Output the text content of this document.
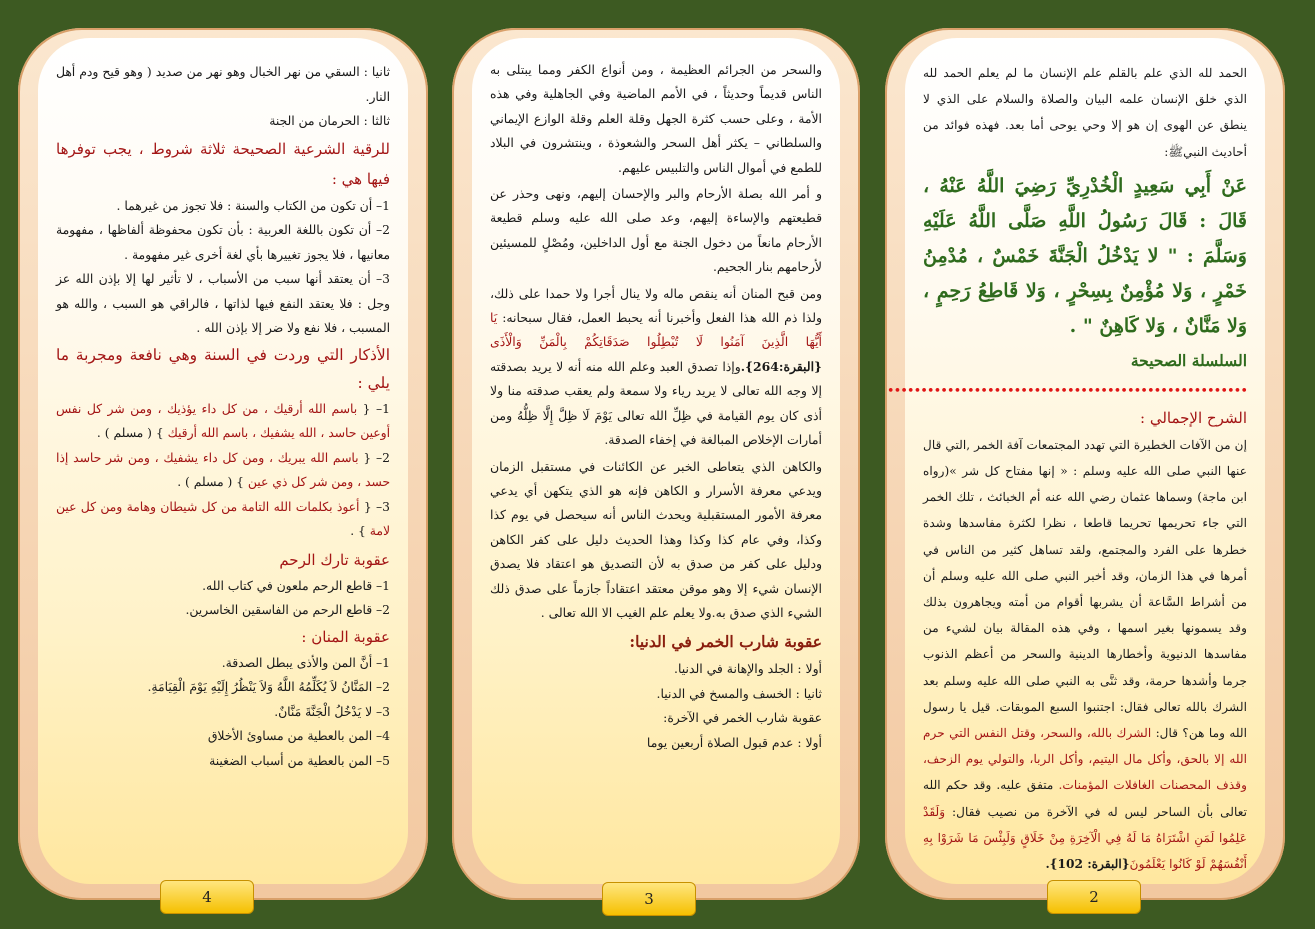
الحمد لله الذي علم بالقلم علم الإنسان ما لم يعلم الحمد لله الذي خلق الإنسان علمه البيان والصلاة والسلام على الذي لا ينطق عن الهوى إن هو إلا وحي يوحى أما بعد. فهذه فوائد من أحاديث النبيﷺ:

عَنْ أَبِي سَعِيدٍ الْخُدْرِيِّ رَضِيَ اللَّهُ عَنْهُ ، قَالَ : قَالَ رَسُولُ اللَّهِ صَلَّى اللَّهُ عَلَيْهِ وَسَلَّمَ : " لا يَدْخُلُ الْجَنَّةَ خَمْسٌ ، مُدْمِنُ خَمْرٍ ، وَلا مُؤْمِنٌ بِسِحْرٍ ، وَلا قَاطِعُ رَحِمٍ ، وَلا مَنَّانٌ ، وَلا كَاهِنٌ " .

السلسلة الصحيحة

••••••••••••••••••••••••••••••••••••••••••••••••••••••

الشرح الإجمالي :

إن من الآفات الخطيرة التي تهدد المجتمعات آفة الخمر ,التي قال عنها النبي صلى الله عليه وسلم : « إنها مفتاح كل شر »(رواه ابن ماجة) وسماها عثمان رضي الله عنه أم الخبائث ، تلك الخمر التي جاء تحريمها تحريما قاطعا ، نظرا لكثرة مفاسدها وشدة خطرها على الفرد والمجتمع، ولقد تساهل كثير من الناس في أمرها في هذا الزمان، وقد أخبر النبي صلى الله عليه وسلم أن من أشراط السَّاعة أن يشربها أقوام من أمته ويجاهرون بذلك وقد يسمونها بغير اسمها ، وفي هذه المقالة بيان لشيء من مفاسدها الدنيوية وأخطارها الدينية والسحر من أعظم الذنوب جرما وأشدها حرمة، وقد ثنَّى به النبي صلى الله عليه وسلم بعد الشرك بالله تعالى فقال: اجتنبوا السبع الموبقات. قيل يا رسول الله وما هن؟ قال: الشرك بالله، والسحر، وقتل النفس التي حرم الله إلا بالحق، وأكل مال اليتيم، وأكل الربا، والتولي يوم الزحف، وقذف المحصنات الغافلات المؤمنات. متفق عليه. وقد حكم الله تعالى بأن الساحر ليس له في الآخرة من نصيب فقال: وَلَقَدْ عَلِمُوا لَمَنِ اشْتَرَاهُ مَا لَهُ فِي الْآخِرَةِ مِنْ خَلَاقٍ وَلَبِئْسَ مَا شَرَوْا بِهِ أَنْفُسَهُمْ لَوْ كَانُوا يَعْلَمُونَ{البقرة: 102}.

2

والسحر من الجرائم العظيمة ، ومن أنواع الكفر ومما يبتلى به الناس قديماً وحديثاً ، في الأمم الماضية وفي الجاهلية وفي هذه الأمة ، وعلى حسب كثرة الجهل وقلة العلم وقلة الوازع الإيماني والسلطاني – يكثر أهل السحر والشعوذة ، وينتشرون في البلاد للطمع في أموال الناس والتلبيس عليهم.

و أمر الله بصلة الأرحام والبر والإحسان إليهم، ونهى وحذر عن قطيعتهم والإساءة إليهم، وعد صلى الله عليه وسلم قطيعة الأرحام مانعاً من دخول الجنة مع أول الداخلين، ومُصْلٍ للمسيئين لأرحامهم بنار الجحيم.

ومن قبح المنان أنه ينقص ماله ولا ينال أجرا ولا حمدا على ذلك، ولذا ذم الله هذا الفعل وأخبرنا أنه يحبط العمل، فقال سبحانه: يَا أَيُّهَا الَّذِينَ آمَنُوا لَا تُبْطِلُوا صَدَقَاتِكُمْ بِالْمَنِّ وَالْأَذَى {البقرة:264}.وإذا تصدق العبد وعلم الله منه أنه لا يريد بصدقته إلا وجه الله تعالى لا يريد رياء ولا سمعة ولم يعقب صدقته منا ولا أذى كان يوم القيامة في ظِلِّ الله تعالى يَوْمَ لَا ظِلَّ إِلَّا ظِلُّهُ ومن أمارات الإخلاص المبالغة في إخفاء الصدقة.

والكاهن الذي يتعاطى الخبر عن الكائنات في مستقبل الزمان ويدعي معرفة الأسرار و الكاهن فإنه هو الذي يتكهن أي يدعي معرفة الأمور المستقبلية ويحدث الناس أنه سيحصل في يوم كذا وكذا، وفي عام كذا وكذا وهذا الحديث دليل على كفر الكاهن ودليل على كفر من صدق به لأن التصديق هو اعتقاد فلا يصدق الإنسان شيء إلا وهو موقن معتقد اعتقاداً جازماً على صدق ذلك الشيء الذي صدق به.ولا يعلم علم الغيب الا الله تعالى .

عقوبة شارب الخمر في الدنيا:

أولا : الجلد والإهانة في الدنيا.

ثانيا : الخسف والمسخ في الدنيا.

عقوبة شارب الخمر في الآخرة:

أولا : عدم قبول الصلاة أربعين يوما

3

ثانيا : السقي من نهر الخبال وهو نهر من صديد ( وهو قيح ودم أهل النار.

ثالثا : الحرمان من الجنة

للرقية الشرعية الصحيحة ثلاثة شروط ، يجب توفرها فيها هي :

1– أن تكون من الكتاب والسنة : فلا تجوز من غيرهما .

2– أن تكون باللغة العربية : بأن تكون محفوظة ألفاظها ، مفهومة معانيها ، فلا يجوز تغييرها بأي لغة أخرى غير مفهومة .

3– أن يعتقد أنها سبب من الأسباب ، لا تأثير لها إلا بإذن الله عز وجل : فلا يعتقد النفع فيها لذاتها ، فالراقي هو السبب ، والله هو المسبب ، فلا نفع ولا ضر إلا بإذن الله .

الأذكار التي وردت في السنة وهي نافعة ومجربة ما يلي :

1– { باسم الله أرقيك ، من كل داء يؤذيك ، ومن شر كل نفس أوعين حاسد ، الله يشفيك ، باسم الله أرقيك } ( مسلم ) .

2– { باسم الله يبريك ، ومن كل داء يشفيك ، ومن شر حاسد إذا حسد ، ومن شر كل ذي عين } ( مسلم ) .

3– { أعوذ بكلمات الله التامة من كل شيطان وهامة ومن كل عين لامة } .

عقوبة تارك الرحم

1– قاطع الرحم ملعون في كتاب الله.

2– قاطع الرحم من الفاسقين الخاسرين.

عقوبة المنان :

1– أنَّ المن والأذى يبطل الصدقة.

2– المَنَّانُ لاَ يُكَلِّمُهُ اللَّهُ وَلاَ يَنْظُرُ إِلَيْهِ يَوْمَ الْقِيَامَةِ.

3– لا يَدْخُلُ الْجَنَّةَ مَنَّانٌ.

4– المن بالعطية من مساوئ الأخلاق

5– المن بالعطية من أسباب الضغينة

4
